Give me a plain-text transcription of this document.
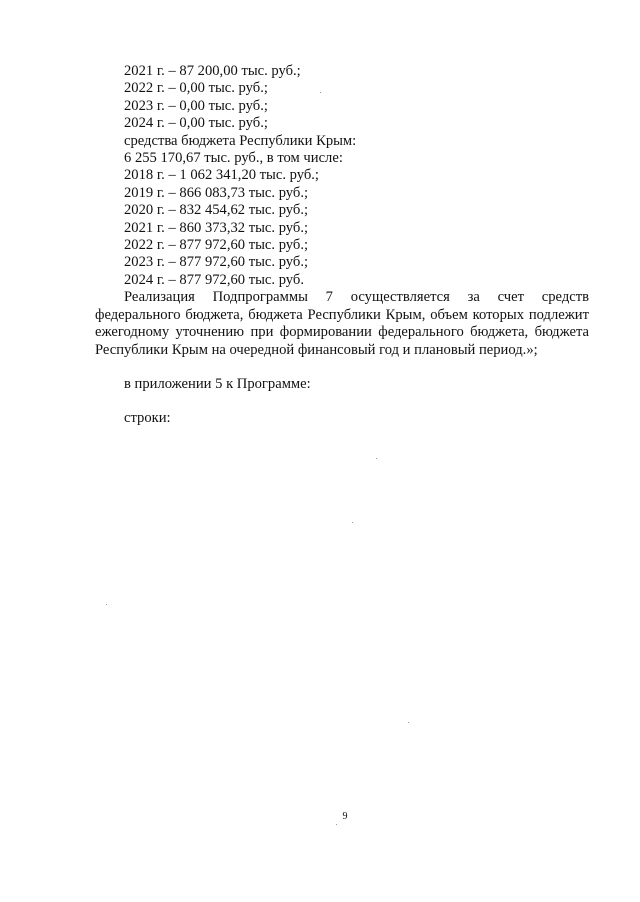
2021 г. – 87 200,00 тыс. руб.;
2022 г. – 0,00 тыс. руб.;
2023 г. – 0,00 тыс. руб.;
2024 г. – 0,00 тыс. руб.;
средства бюджета Республики Крым:
6 255 170,67 тыс. руб., в том числе:
2018 г. – 1 062 341,20 тыс. руб.;
2019 г. – 866 083,73 тыс. руб.;
2020 г. – 832 454,62 тыс. руб.;
2021 г. – 860 373,32 тыс. руб.;
2022 г. – 877 972,60 тыс. руб.;
2023 г. – 877 972,60 тыс. руб.;
2024 г. – 877 972,60 тыс. руб.
Реализация Подпрограммы 7 осуществляется за счет средств
федерального бюджета, бюджета Республики Крым, объем которых подлежит
ежегодному уточнению при формировании федерального бюджета, бюджета
Республики Крым на очередной финансовый год и плановый период.»;
в приложении 5 к Программе:
строки:
9
